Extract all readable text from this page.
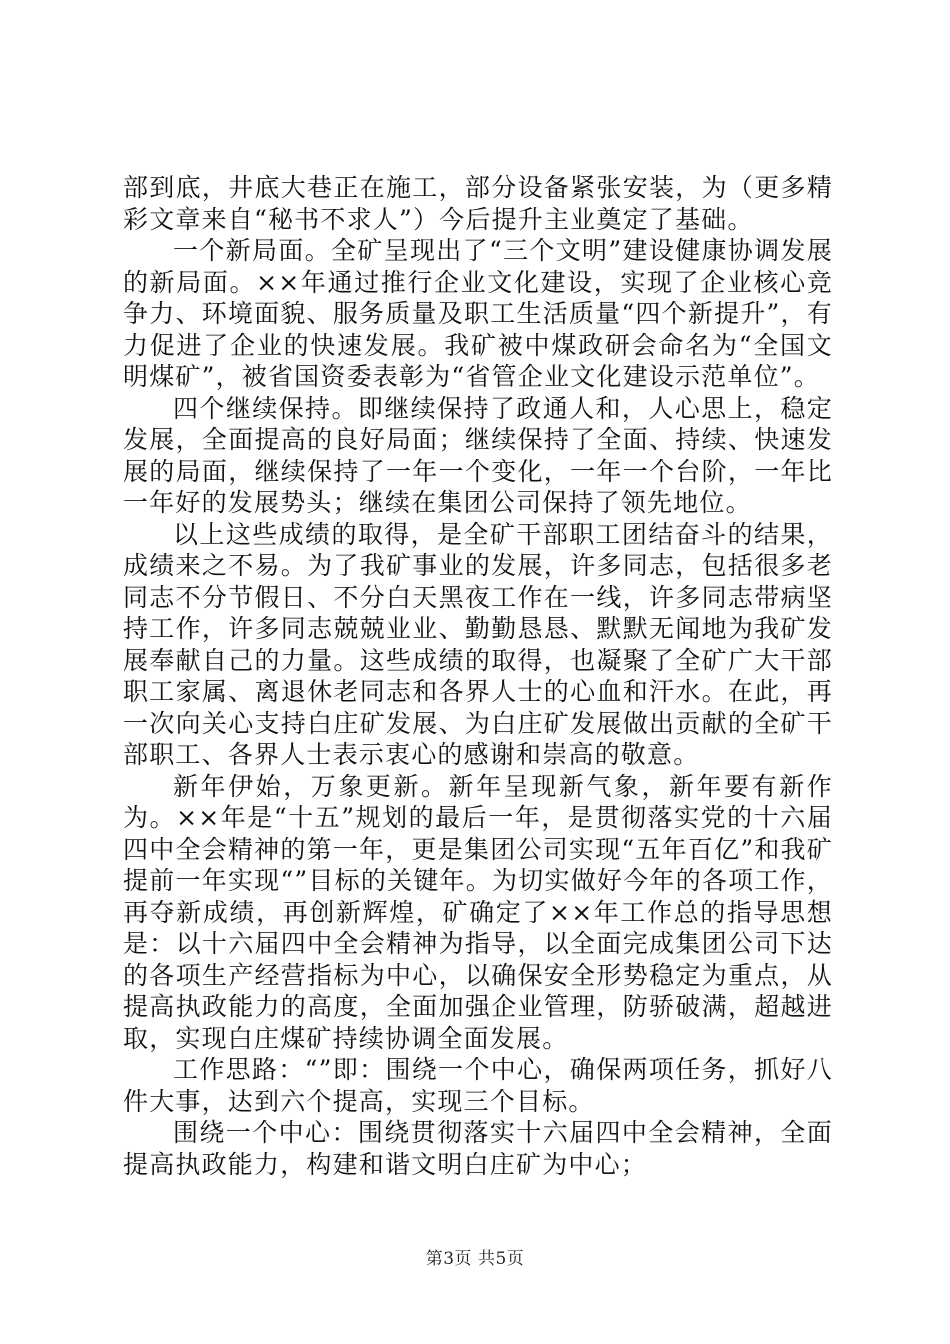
部到底，井底大巷正在施工，部分设备紧张安装，为（更多精彩文章来自“秘书不求人”）今后提升主业奠定了基础。

一个新局面。全矿呈现出了“三个文明”建设健康协调发展的新局面。××年通过推行企业文化建设，实现了企业核心竞争力、环境面貌、服务质量及职工生活质量“四个新提升”，有力促进了企业的快速发展。我矿被中煤政研会命名为“全国文明煤矿”，被省国资委表彰为“省管企业文化建设示范单位”。

四个继续保持。即继续保持了政通人和，人心思上，稳定发展，全面提高的良好局面；继续保持了全面、持续、快速发展的局面，继续保持了一年一个变化，一年一个台阶，一年比一年好的发展势头；继续在集团公司保持了领先地位。

以上这些成绩的取得，是全矿干部职工团结奋斗的结果，成绩来之不易。为了我矿事业的发展，许多同志，包括很多老同志不分节假日、不分白天黑夜工作在一线，许多同志带病坚持工作，许多同志兢兢业业、勤勤恳恳、默默无闻地为我矿发展奉献自己的力量。这些成绩的取得，也凝聚了全矿广大干部职工家属、离退休老同志和各界人士的心血和汗水。在此，再一次向关心支持白庄矿发展、为白庄矿发展做出贡献的全矿干部职工、各界人士表示衷心的感谢和崇高的敬意。

新年伊始，万象更新。新年呈现新气象，新年要有新作为。××年是“十五”规划的最后一年，是贯彻落实党的十六届四中全会精神的第一年，更是集团公司实现“五年百亿”和我矿提前一年实现“”目标的关键年。为切实做好今年的各项工作，再夺新成绩，再创新辉煌，矿确定了××年工作总的指导思想是：以十六届四中全会精神为指导，以全面完成集团公司下达的各项生产经营指标为中心，以确保安全形势稳定为重点，从提高执政能力的高度，全面加强企业管理，防骄破满，超越进取，实现白庄煤矿持续协调全面发展。

工作思路：“”即：围绕一个中心，确保两项任务，抓好八件大事，达到六个提高，实现三个目标。

围绕一个中心：围绕贯彻落实十六届四中全会精神，全面提高执政能力，构建和谐文明白庄矿为中心；

第3页 共5页
